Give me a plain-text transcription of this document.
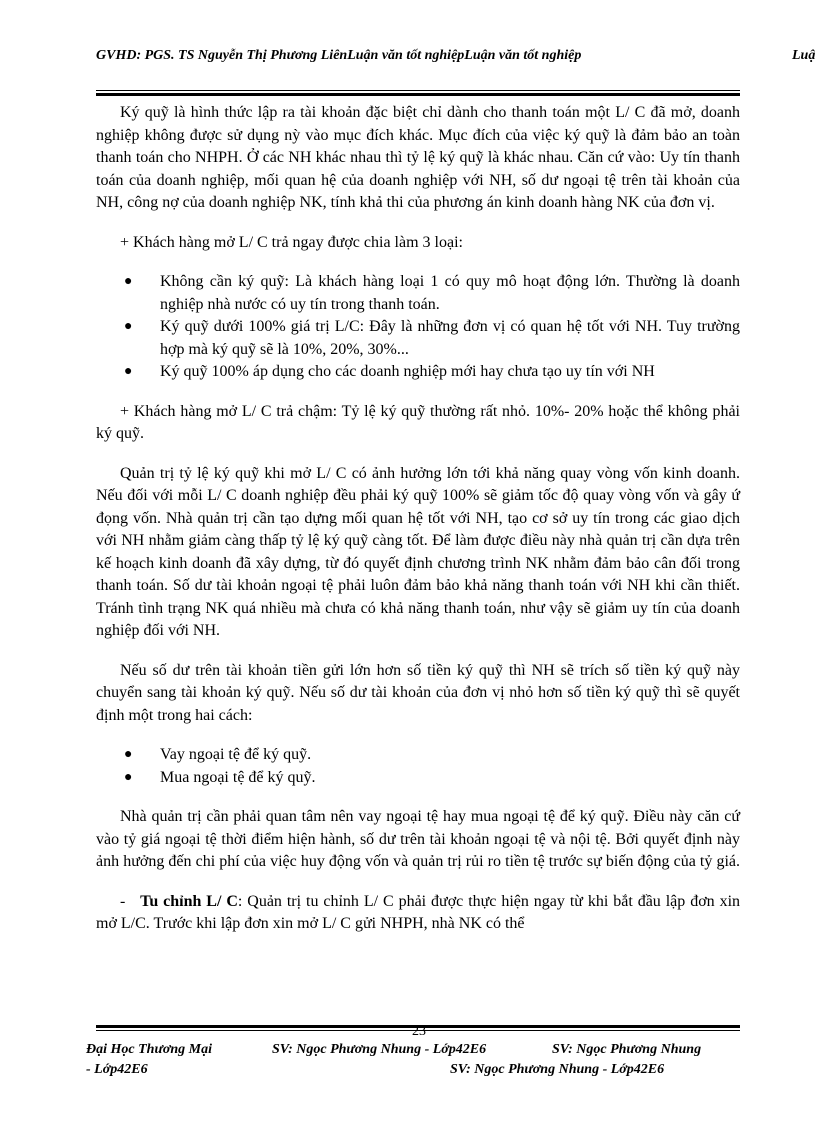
GVHD: PGS. TS Nguyễn Thị Phương LiênLuận văn tốt nghiệpLuận văn tốt nghiệp	Luậ

Ký quỹ là hình thức lập ra tài khoản đặc biệt chỉ dành cho thanh toán một L/ C đã mở, doanh nghiệp không được sử dụng nỳ vào mục đích khác. Mục đích của việc ký quỹ là đảm bảo an toàn thanh toán cho NHPH. Ở các NH khác nhau thì tỷ lệ ký quỹ là khác nhau. Căn cứ vào: Uy tín thanh toán của doanh nghiệp, mối quan hệ của doanh nghiệp với NH, số dư ngoại tệ trên tài khoản của NH, công nợ của doanh nghiệp NK, tính khả thi của phương án kinh doanh hàng NK của đơn vị.

+ Khách hàng mở L/ C trả ngay được chia làm 3 loại:

● Không cần ký quỹ: Là khách hàng loại 1 có quy mô hoạt động lớn. Thường là doanh nghiệp nhà nước có uy tín trong thanh toán.
● Ký quỹ dưới 100% giá trị L/C: Đây là những đơn vị có quan hệ tốt với NH. Tuy trường hợp mà ký quỹ sẽ là 10%, 20%, 30%...
● Ký quỹ 100% áp dụng cho các doanh nghiệp mới hay chưa tạo uy tín với NH

+ Khách hàng mở L/ C trả chậm: Tỷ lệ ký quỹ thường rất nhỏ. 10%- 20% hoặc thể không phải ký quỹ.

Quản trị tỷ lệ ký quỹ khi mở L/ C có ảnh hưởng lớn tới khả năng quay vòng vốn kinh doanh. Nếu đối với mỗi L/ C doanh nghiệp đều phải ký quỹ 100% sẽ giảm tốc độ quay vòng vốn và gây ứ đọng vốn. Nhà quản trị cần tạo dựng mối quan hệ tốt với NH, tạo cơ sở uy tín trong các giao dịch với NH nhằm giảm càng thấp tỷ lệ ký quỹ càng tốt. Để làm được điều này nhà quản trị cần dựa trên kế hoạch kinh doanh đã xây dựng, từ đó quyết định chương trình NK nhằm đảm bảo cân đối trong thanh toán. Số dư tài khoản ngoại tệ phải luôn đảm bảo khả năng thanh toán với NH khi cần thiết. Tránh tình trạng NK quá nhiều mà chưa có khả năng thanh toán, như vậy sẽ giảm uy tín của doanh nghiệp đối với NH.

Nếu số dư trên tài khoản tiền gửi lớn hơn số tiền ký quỹ thì NH sẽ trích số tiền ký quỹ này chuyển sang tài khoản ký quỹ. Nếu số dư tài khoản của đơn vị nhỏ hơn số tiền ký quỹ thì sẽ quyết định một trong hai cách:

● Vay ngoại tệ để ký quỹ.
● Mua ngoại tệ để ký quỹ.

Nhà quản trị cần phải quan tâm nên vay ngoại tệ hay mua ngoại tệ để ký quỹ. Điều này căn cứ vào tỷ giá ngoại tệ thời điểm hiện hành, số dư trên tài khoản ngoại tệ và nội tệ. Bởi quyết định này ảnh hưởng đến chi phí của việc huy động vốn và quản trị rủi ro tiền tệ trước sự biến động của tỷ giá.

- Tu chỉnh L/ C: Quản trị tu chỉnh L/ C phải được thực hiện ngay từ khi bắt đầu lập đơn xin mở L/C. Trước khi lập đơn xin mở L/ C gửi NHPH, nhà NK có thể

23
Đại Học Thương Mại	SV: Ngọc Phương Nhung - Lớp42E6	SV: Ngọc Phương Nhung
- Lớp42E6	SV: Ngọc Phương Nhung - Lớp42E6
